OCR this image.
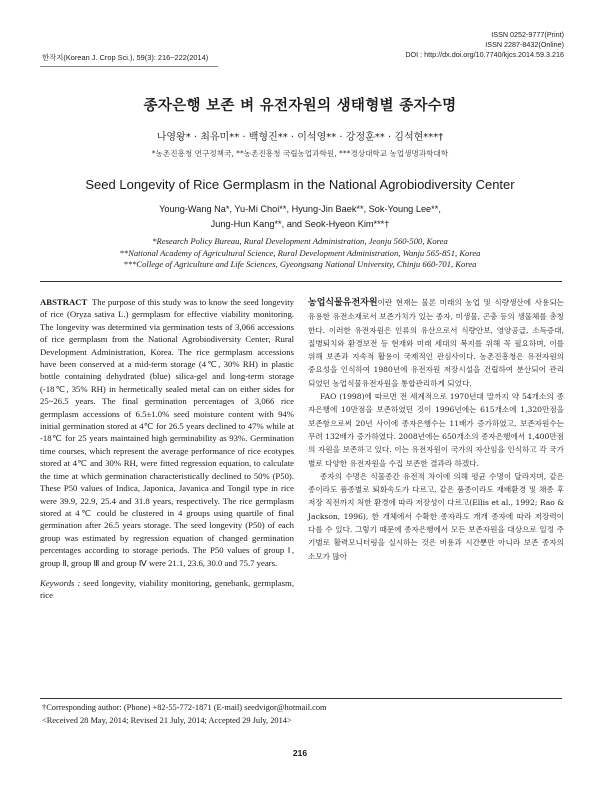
한작지(Korean J. Crop Sci.), 59(3): 216~222(2014)
ISSN 0252-9777(Print)
ISSN 2287-8432(Online)
DOI : http://dx.doi.org/10.7740/kjcs.2014.59.3.216
종자은행 보존 벼 유전자원의 생태형별 종자수명
나영왕* · 최유미** · 백형진** · 이석영** · 강정훈** · 김석현***†
*농촌진흥청 연구정책국, **농촌진흥청 국립농업과학원, ***경상대학교 농업생명과학대학
Seed Longevity of Rice Germplasm in the National Agrobiodiversity Center
Young-Wang Na*, Yu-Mi Choi**, Hyung-Jin Baek**, Sok-Young Lee**,
Jung-Hun Kang**, and Seok-Hyeon Kim***†
*Research Policy Bureau, Rural Development Administration, Jeonju 560-500, Korea
**National Academy of Agricultural Science, Rural Development Administration, Wanju 565-851, Korea
***College of Agriculture and Life Sciences, Gyeongsang National University, Chinju 660-701, Korea
ABSTRACT The purpose of this study was to know the seed longevity of rice (Oryza sativa L.) germplasm for effective viability monitoring. The longevity was determined via germination tests of 3,066 accessions of rice germplasm from the National Agrobiodiversity Center, Rural Development Administration, Korea. The rice germplasm accessions have been conserved at a mid-term storage (4℃, 30% RH) in plastic bottle containing dehydrated (blue) silica-gel and long-term storage (-18℃, 35% RH) in hermetically sealed metal can on either sides for 25~26.5 years. The final germination percentages of 3,066 rice germplasm accessions of 6.5±1.0% seed moisture content with 94% initial germination stored at 4℃ for 26.5 years declined to 47% while at -18℃ for 25 years maintained high germinability as 93%. Germination time courses, which represent the average performance of rice ecotypes stored at 4℃ and 30% RH, were fitted regression equation, to calculate the time at which germination characteristically declined to 50% (P50). These P50 values of Indica, Japonica, Javanica and Tongil type in rice were 39.9, 22.9, 25.4 and 31.8 years, respectively. The rice germplasm stored at 4℃ could be clustered in 4 groups using quartile of final germination after 26.5 years storage. The seed longevity (P50) of each group was estimated by regression equation of changed germination percentages according to storage periods. The P50 values of group Ⅰ, group Ⅱ, group Ⅲ and group Ⅳ were 21.1, 23.6, 30.0 and 75.7 years.
Keywords : seed longevity, viability monitoring, genebank, germplasm, rice

농업식물유전자원이란 현재는 물론 미래의 농업 및 식량생산에 사용되는 유용한 유전소재로서 보존가치가 있는 종자, 미생물, 곤충 등의 생물체를 총칭한다. 이러한 유전자원은 인류의 유산으로서 식량안보, 영양공급, 소득증대, 질병퇴치와 환경보전 등 현재와 미래 세대의 복지를 위해 꼭 필요하며, 이를 위해 보존과 지속적 활용이 국제적인 관심사이다. 농촌진흥청은 유전자원의 중요성을 인식하여 1980년에 유전자원 저장시설을 건립하여 분산되어 관리되었던 농업식물유전자원을 통합관리하게 되었다.

FAO (1998)에 따르면 전 세계적으로 1970년대 말까지 약 54개소의 종자은행에 10만점을 보존하였던 것이 1996년에는 615개소에 1,320만점을 보존함으로써 20년 사이에 종자은행수는 11배가 증가하였고, 보존자원수는 무려 132배가 증가하였다. 2008년에는 650개소의 종자은행에서 1,400만점의 자원을 보존하고 있다. 이는 유전자원이 국가의 자산임을 인식하고 각 국가별로 다양한 유전자원을 수집 보존한 결과라 하겠다.

종자의 수명은 식물종간 유전적 차이에 의해 평균 수명이 달라지며, 같은 종이라도 품종별로 퇴화속도가 다르고, 같은 품종이라도 재배환경 및 채종 후 저장 직전까지 처한 환경에 따라 저장성이 다르고(Ellis et al., 1992; Rao & Jackson, 1996), 한 개체에서 수확한 종자라도 개개 종자에 따라 저장력이 다를 수 있다. 그렇기 때문에 종자은행에서 모든 보존자원을 대상으로 일정 주기별로 활력모니터링을 실시하는 것은 비용과 시간뿐만 아니라 보존 종자의 소모가 많아

†Corresponding author: (Phone) +82-55-772-1871 (E-mail) seedvigor@hotmail.com
<Received 28 May, 2014; Revised 21 July, 2014; Accepted 29 July, 2014>
216
